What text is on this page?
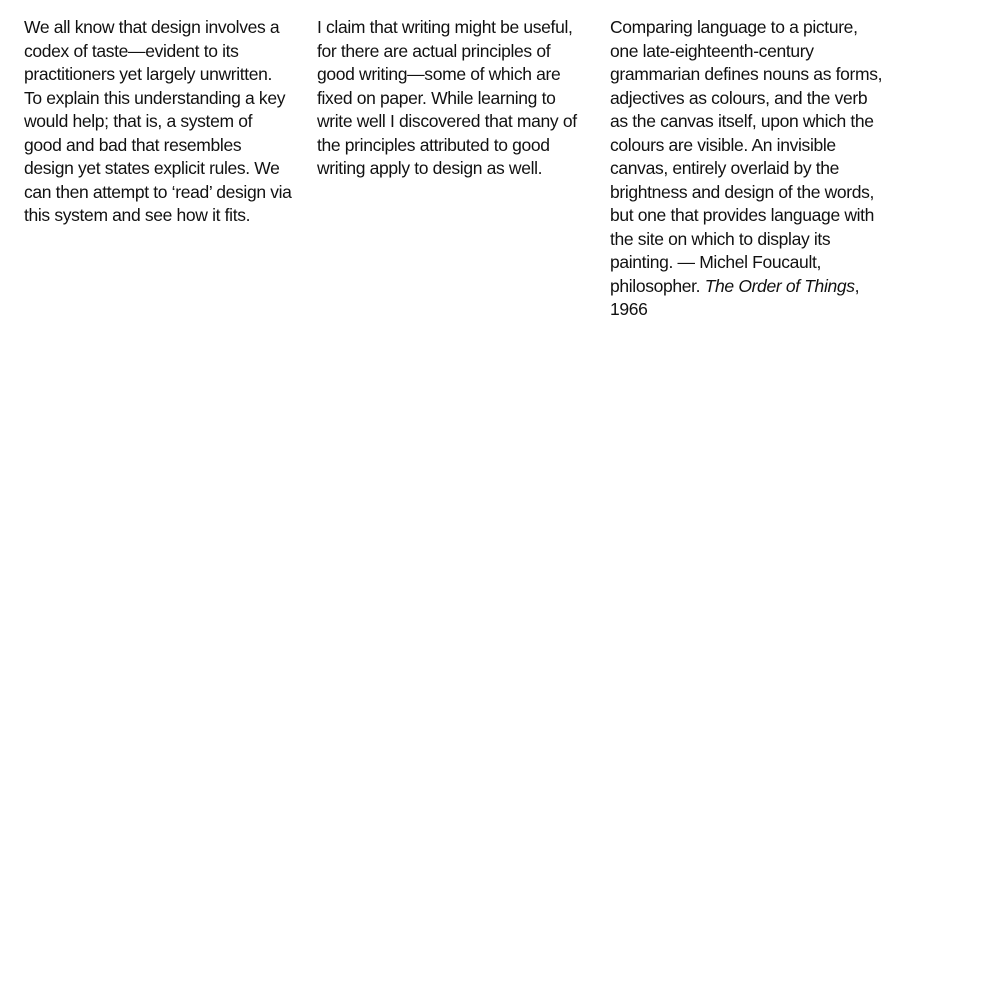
We all know that design involves a codex of taste—evident to its practitioners yet largely unwritten. To explain this understanding a key would help; that is, a system of good and bad that resembles design yet states explicit rules. We can then attempt to ‘read’ design via this system and see how it fits.

I claim that writing might be useful, for there are actual principles of good writing—some of which are fixed on paper. While learning to write well I discovered that many of the principles attributed to good writing apply to design as well.

Comparing language to a picture, one late-eighteenth-century grammarian defines nouns as forms, adjectives as colours, and the verb as the canvas itself, upon which the colours are visible. An invisible canvas, entirely overlaid by the brightness and design of the words, but one that provides language with the site on which to display its painting. — Michel Foucault, philosopher. The Order of Things, 1966
